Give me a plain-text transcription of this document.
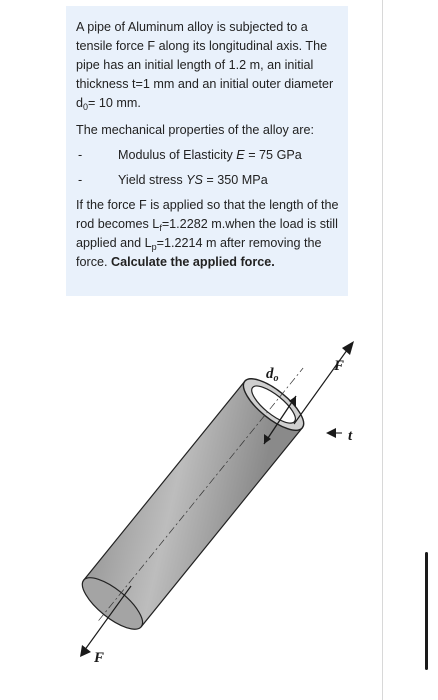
A pipe of Aluminum alloy is subjected to a tensile force F along its longitudinal axis. The pipe has an initial length of 1.2 m, an initial thickness t=1 mm and an initial outer diameter $d_0= 10$ mm.

The mechanical properties of the alloy are:

-	Modulus of Elasticity E = 75 GPa
-	Yield stress YS = 350 MPa

If the force F is applied so that the length of the rod becomes $L_f=1.2282$ m.when the load is still applied and $L_p=1.2214$ m after removing the force. Calculate the applied force.

$d_o$
F
t
F
